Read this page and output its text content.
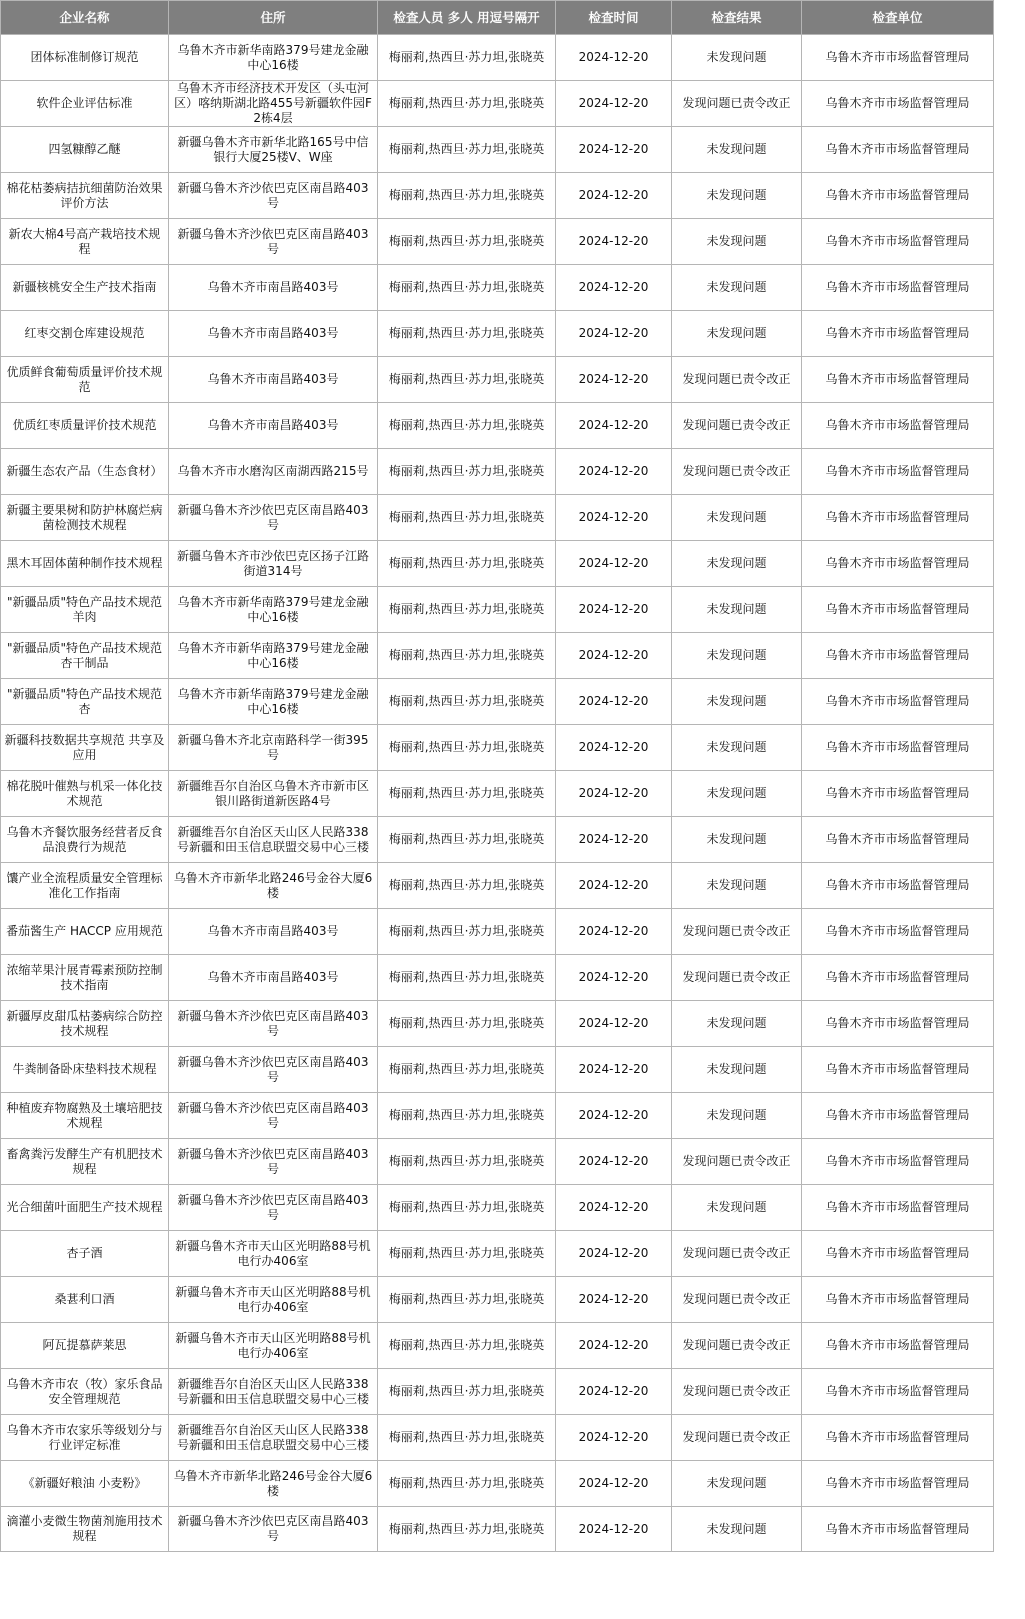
企业名称	住所	检查人员 多人 用逗号隔开	检查时间	检查结果	检查单位
团体标准制修订规范	乌鲁木齐市新华南路379号建龙金融中心16楼	梅丽莉,热西旦·苏力坦,张晓英	2024-12-20	未发现问题	乌鲁木齐市市场监督管理局
软件企业评估标准	乌鲁木齐市经济技术开发区（头屯河区）喀纳斯湖北路455号新疆软件园F2栋4层	梅丽莉,热西旦·苏力坦,张晓英	2024-12-20	发现问题已责令改正	乌鲁木齐市市场监督管理局
四氢糠醇乙醚	新疆乌鲁木齐市新华北路165号中信银行大厦25楼V、W座	梅丽莉,热西旦·苏力坦,张晓英	2024-12-20	未发现问题	乌鲁木齐市市场监督管理局
棉花枯萎病拮抗细菌防治效果评价方法	新疆乌鲁木齐沙依巴克区南昌路403号	梅丽莉,热西旦·苏力坦,张晓英	2024-12-20	未发现问题	乌鲁木齐市市场监督管理局
新农大棉4号高产栽培技术规程	新疆乌鲁木齐沙依巴克区南昌路403号	梅丽莉,热西旦·苏力坦,张晓英	2024-12-20	未发现问题	乌鲁木齐市市场监督管理局
新疆核桃安全生产技术指南	乌鲁木齐市南昌路403号	梅丽莉,热西旦·苏力坦,张晓英	2024-12-20	未发现问题	乌鲁木齐市市场监督管理局
红枣交割仓库建设规范	乌鲁木齐市南昌路403号	梅丽莉,热西旦·苏力坦,张晓英	2024-12-20	未发现问题	乌鲁木齐市市场监督管理局
优质鲜食葡萄质量评价技术规范	乌鲁木齐市南昌路403号	梅丽莉,热西旦·苏力坦,张晓英	2024-12-20	发现问题已责令改正	乌鲁木齐市市场监督管理局
优质红枣质量评价技术规范	乌鲁木齐市南昌路403号	梅丽莉,热西旦·苏力坦,张晓英	2024-12-20	发现问题已责令改正	乌鲁木齐市市场监督管理局
新疆生态农产品（生态食材）	乌鲁木齐市水磨沟区南湖西路215号	梅丽莉,热西旦·苏力坦,张晓英	2024-12-20	发现问题已责令改正	乌鲁木齐市市场监督管理局
新疆主要果树和防护林腐烂病菌检测技术规程	新疆乌鲁木齐沙依巴克区南昌路403号	梅丽莉,热西旦·苏力坦,张晓英	2024-12-20	未发现问题	乌鲁木齐市市场监督管理局
黑木耳固体菌种制作技术规程	新疆乌鲁木齐市沙依巴克区扬子江路街道314号	梅丽莉,热西旦·苏力坦,张晓英	2024-12-20	未发现问题	乌鲁木齐市市场监督管理局
"新疆品质"特色产品技术规范 羊肉	乌鲁木齐市新华南路379号建龙金融中心16楼	梅丽莉,热西旦·苏力坦,张晓英	2024-12-20	未发现问题	乌鲁木齐市市场监督管理局
"新疆品质"特色产品技术规范 杏干制品	乌鲁木齐市新华南路379号建龙金融中心16楼	梅丽莉,热西旦·苏力坦,张晓英	2024-12-20	未发现问题	乌鲁木齐市市场监督管理局
"新疆品质"特色产品技术规范 杏	乌鲁木齐市新华南路379号建龙金融中心16楼	梅丽莉,热西旦·苏力坦,张晓英	2024-12-20	未发现问题	乌鲁木齐市市场监督管理局
新疆科技数据共享规范 共享及应用	新疆乌鲁木齐北京南路科学一街395号	梅丽莉,热西旦·苏力坦,张晓英	2024-12-20	未发现问题	乌鲁木齐市市场监督管理局
棉花脱叶催熟与机采一体化技术规范	新疆维吾尔自治区乌鲁木齐市新市区银川路街道新医路4号	梅丽莉,热西旦·苏力坦,张晓英	2024-12-20	未发现问题	乌鲁木齐市市场监督管理局
乌鲁木齐餐饮服务经营者反食品浪费行为规范	新疆维吾尔自治区天山区人民路338号新疆和田玉信息联盟交易中心三楼	梅丽莉,热西旦·苏力坦,张晓英	2024-12-20	未发现问题	乌鲁木齐市市场监督管理局
馕产业全流程质量安全管理标准化工作指南	乌鲁木齐市新华北路246号金谷大厦6楼	梅丽莉,热西旦·苏力坦,张晓英	2024-12-20	未发现问题	乌鲁木齐市市场监督管理局
番茄酱生产 HACCP 应用规范	乌鲁木齐市南昌路403号	梅丽莉,热西旦·苏力坦,张晓英	2024-12-20	发现问题已责令改正	乌鲁木齐市市场监督管理局
浓缩苹果汁展青霉素预防控制技术指南	乌鲁木齐市南昌路403号	梅丽莉,热西旦·苏力坦,张晓英	2024-12-20	发现问题已责令改正	乌鲁木齐市市场监督管理局
新疆厚皮甜瓜枯萎病综合防控技术规程	新疆乌鲁木齐沙依巴克区南昌路403号	梅丽莉,热西旦·苏力坦,张晓英	2024-12-20	未发现问题	乌鲁木齐市市场监督管理局
牛粪制备卧床垫料技术规程	新疆乌鲁木齐沙依巴克区南昌路403号	梅丽莉,热西旦·苏力坦,张晓英	2024-12-20	未发现问题	乌鲁木齐市市场监督管理局
种植废弃物腐熟及土壤培肥技术规程	新疆乌鲁木齐沙依巴克区南昌路403号	梅丽莉,热西旦·苏力坦,张晓英	2024-12-20	未发现问题	乌鲁木齐市市场监督管理局
畜禽粪污发酵生产有机肥技术规程	新疆乌鲁木齐沙依巴克区南昌路403号	梅丽莉,热西旦·苏力坦,张晓英	2024-12-20	发现问题已责令改正	乌鲁木齐市市场监督管理局
光合细菌叶面肥生产技术规程	新疆乌鲁木齐沙依巴克区南昌路403号	梅丽莉,热西旦·苏力坦,张晓英	2024-12-20	未发现问题	乌鲁木齐市市场监督管理局
杏子酒	新疆乌鲁木齐市天山区光明路88号机电行办406室	梅丽莉,热西旦·苏力坦,张晓英	2024-12-20	发现问题已责令改正	乌鲁木齐市市场监督管理局
桑葚利口酒	新疆乌鲁木齐市天山区光明路88号机电行办406室	梅丽莉,热西旦·苏力坦,张晓英	2024-12-20	发现问题已责令改正	乌鲁木齐市市场监督管理局
阿瓦提慕萨莱思	新疆乌鲁木齐市天山区光明路88号机电行办406室	梅丽莉,热西旦·苏力坦,张晓英	2024-12-20	发现问题已责令改正	乌鲁木齐市市场监督管理局
乌鲁木齐市农（牧）家乐食品安全管理规范	新疆维吾尔自治区天山区人民路338号新疆和田玉信息联盟交易中心三楼	梅丽莉,热西旦·苏力坦,张晓英	2024-12-20	发现问题已责令改正	乌鲁木齐市市场监督管理局
乌鲁木齐市农家乐等级划分与行业评定标准	新疆维吾尔自治区天山区人民路338号新疆和田玉信息联盟交易中心三楼	梅丽莉,热西旦·苏力坦,张晓英	2024-12-20	发现问题已责令改正	乌鲁木齐市市场监督管理局
《新疆好粮油 小麦粉》	乌鲁木齐市新华北路246号金谷大厦6楼	梅丽莉,热西旦·苏力坦,张晓英	2024-12-20	未发现问题	乌鲁木齐市市场监督管理局
滴灌小麦微生物菌剂施用技术规程	新疆乌鲁木齐沙依巴克区南昌路403号	梅丽莉,热西旦·苏力坦,张晓英	2024-12-20	未发现问题	乌鲁木齐市市场监督管理局
